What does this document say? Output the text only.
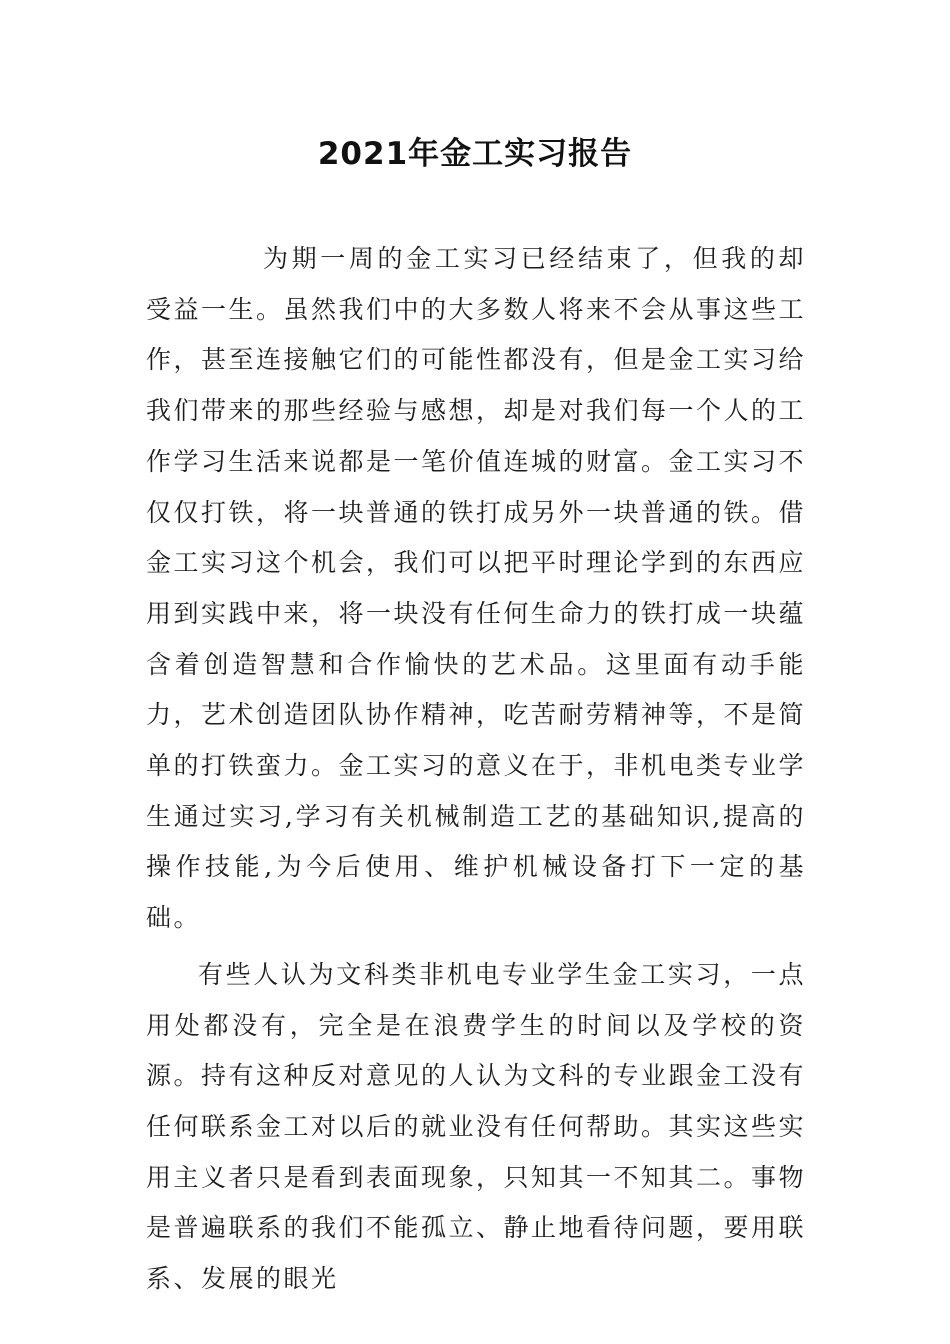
2021年金工实习报告

为期一周的金工实习已经结束了，但我的却受益一生。虽然我们中的大多数人将来不会从事这些工作，甚至连接触它们的可能性都没有，但是金工实习给我们带来的那些经验与感想，却是对我们每一个人的工作学习生活来说都是一笔价值连城的财富。金工实习不仅仅打铁，将一块普通的铁打成另外一块普通的铁。借金工实习这个机会，我们可以把平时理论学到的东西应用到实践中来，将一块没有任何生命力的铁打成一块蕴含着创造智慧和合作愉快的艺术品。这里面有动手能力，艺术创造团队协作精神，吃苦耐劳精神等，不是简单的打铁蛮力。金工实习的意义在于，非机电类专业学生通过实习,学习有关机械制造工艺的基础知识,提高的操作技能,为今后使用、维护机械设备打下一定的基础。

有些人认为文科类非机电专业学生金工实习，一点用处都没有，完全是在浪费学生的时间以及学校的资源。持有这种反对意见的人认为文科的专业跟金工没有任何联系金工对以后的就业没有任何帮助。其实这些实用主义者只是看到表面现象，只知其一不知其二。事物是普遍联系的我们不能孤立、静止地看待问题，要用联系、发展的眼光
